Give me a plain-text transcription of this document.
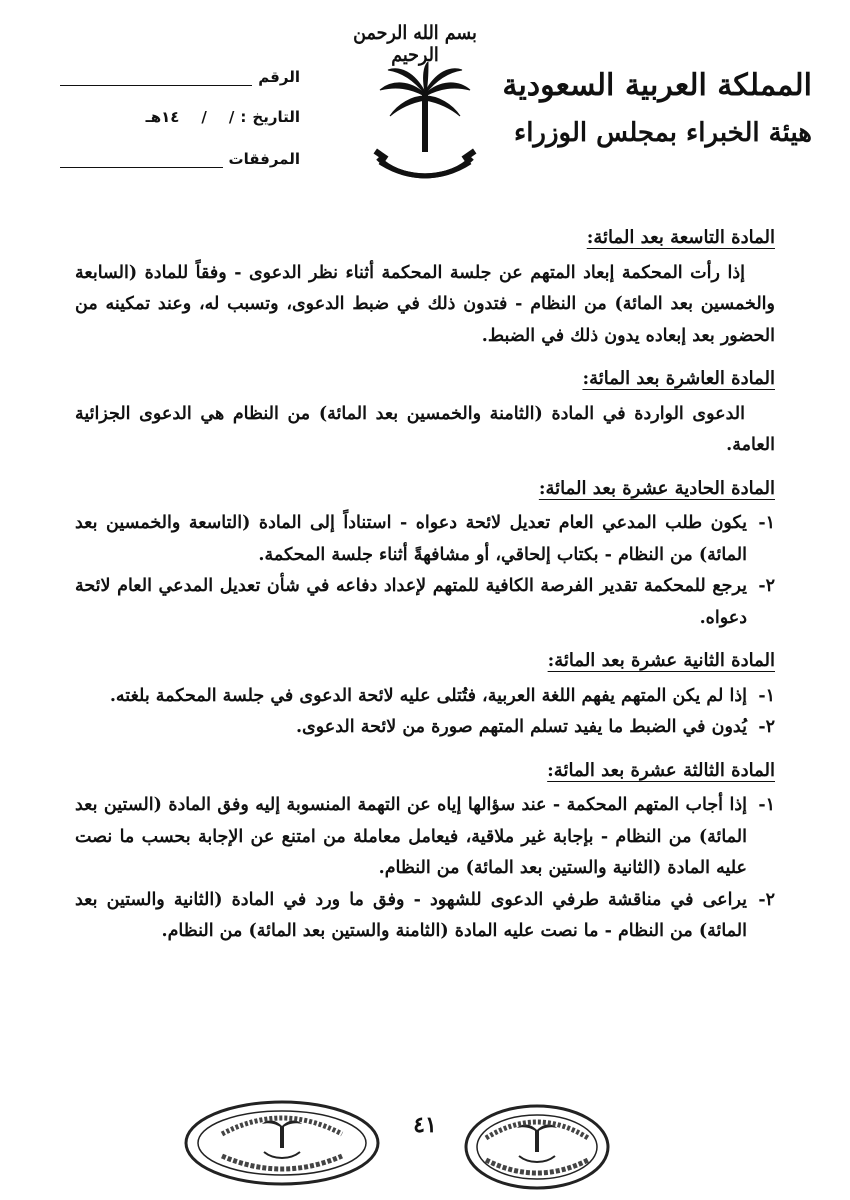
بسم الله الرحمن الرحيم
المملكة العربية السعودية
هيئة الخبراء بمجلس الوزراء
الرقم
التاريخ
:
/
/
١٤هـ
المرفقات
المادة التاسعة بعد المائة:

إذا رأت المحكمة إبعاد المتهم عن جلسة المحكمة أثناء نظر الدعوى - وفقاً للمادة (السابعة والخمسين بعد المائة) من النظام - فتدون ذلك في ضبط الدعوى، وتسبب له، وعند تمكينه من الحضور بعد إبعاده يدون ذلك في الضبط.

المادة العاشرة بعد المائة:

الدعوى الواردة في المادة (الثامنة والخمسين بعد المائة) من النظام هي الدعوى الجزائية العامة.

المادة الحادية عشرة بعد المائة:
١-
يكون طلب المدعي العام تعديل لائحة دعواه - استناداً إلى المادة (التاسعة والخمسين بعد المائة) من النظام - بكتاب إلحاقي، أو مشافهةً أثناء جلسة المحكمة.
٢-
يرجع للمحكمة تقدير الفرصة الكافية للمتهم لإعداد دفاعه في شأن تعديل المدعي العام لائحة دعواه.
المادة الثانية عشرة بعد المائة:
١-
إذا لم يكن المتهم يفهم اللغة العربية، فتُتلى عليه لائحة الدعوى في جلسة المحكمة بلغته.
٢-
يُدون في الضبط ما يفيد تسلم المتهم صورة من لائحة الدعوى.
المادة الثالثة عشرة بعد المائة:
١-
إذا أجاب المتهم المحكمة - عند سؤالها إياه عن التهمة المنسوبة إليه وفق المادة (الستين بعد المائة) من النظام - بإجابة غير ملاقية، فيعامل معاملة من امتنع عن الإجابة بحسب ما نصت عليه المادة (الثانية والستين بعد المائة) من النظام.
٢-
يراعى في مناقشة طرفي الدعوى للشهود - وفق ما ورد في المادة (الثانية والستين بعد المائة) من النظام - ما نصت عليه المادة (الثامنة والستين بعد المائة) من النظام.
٤١
